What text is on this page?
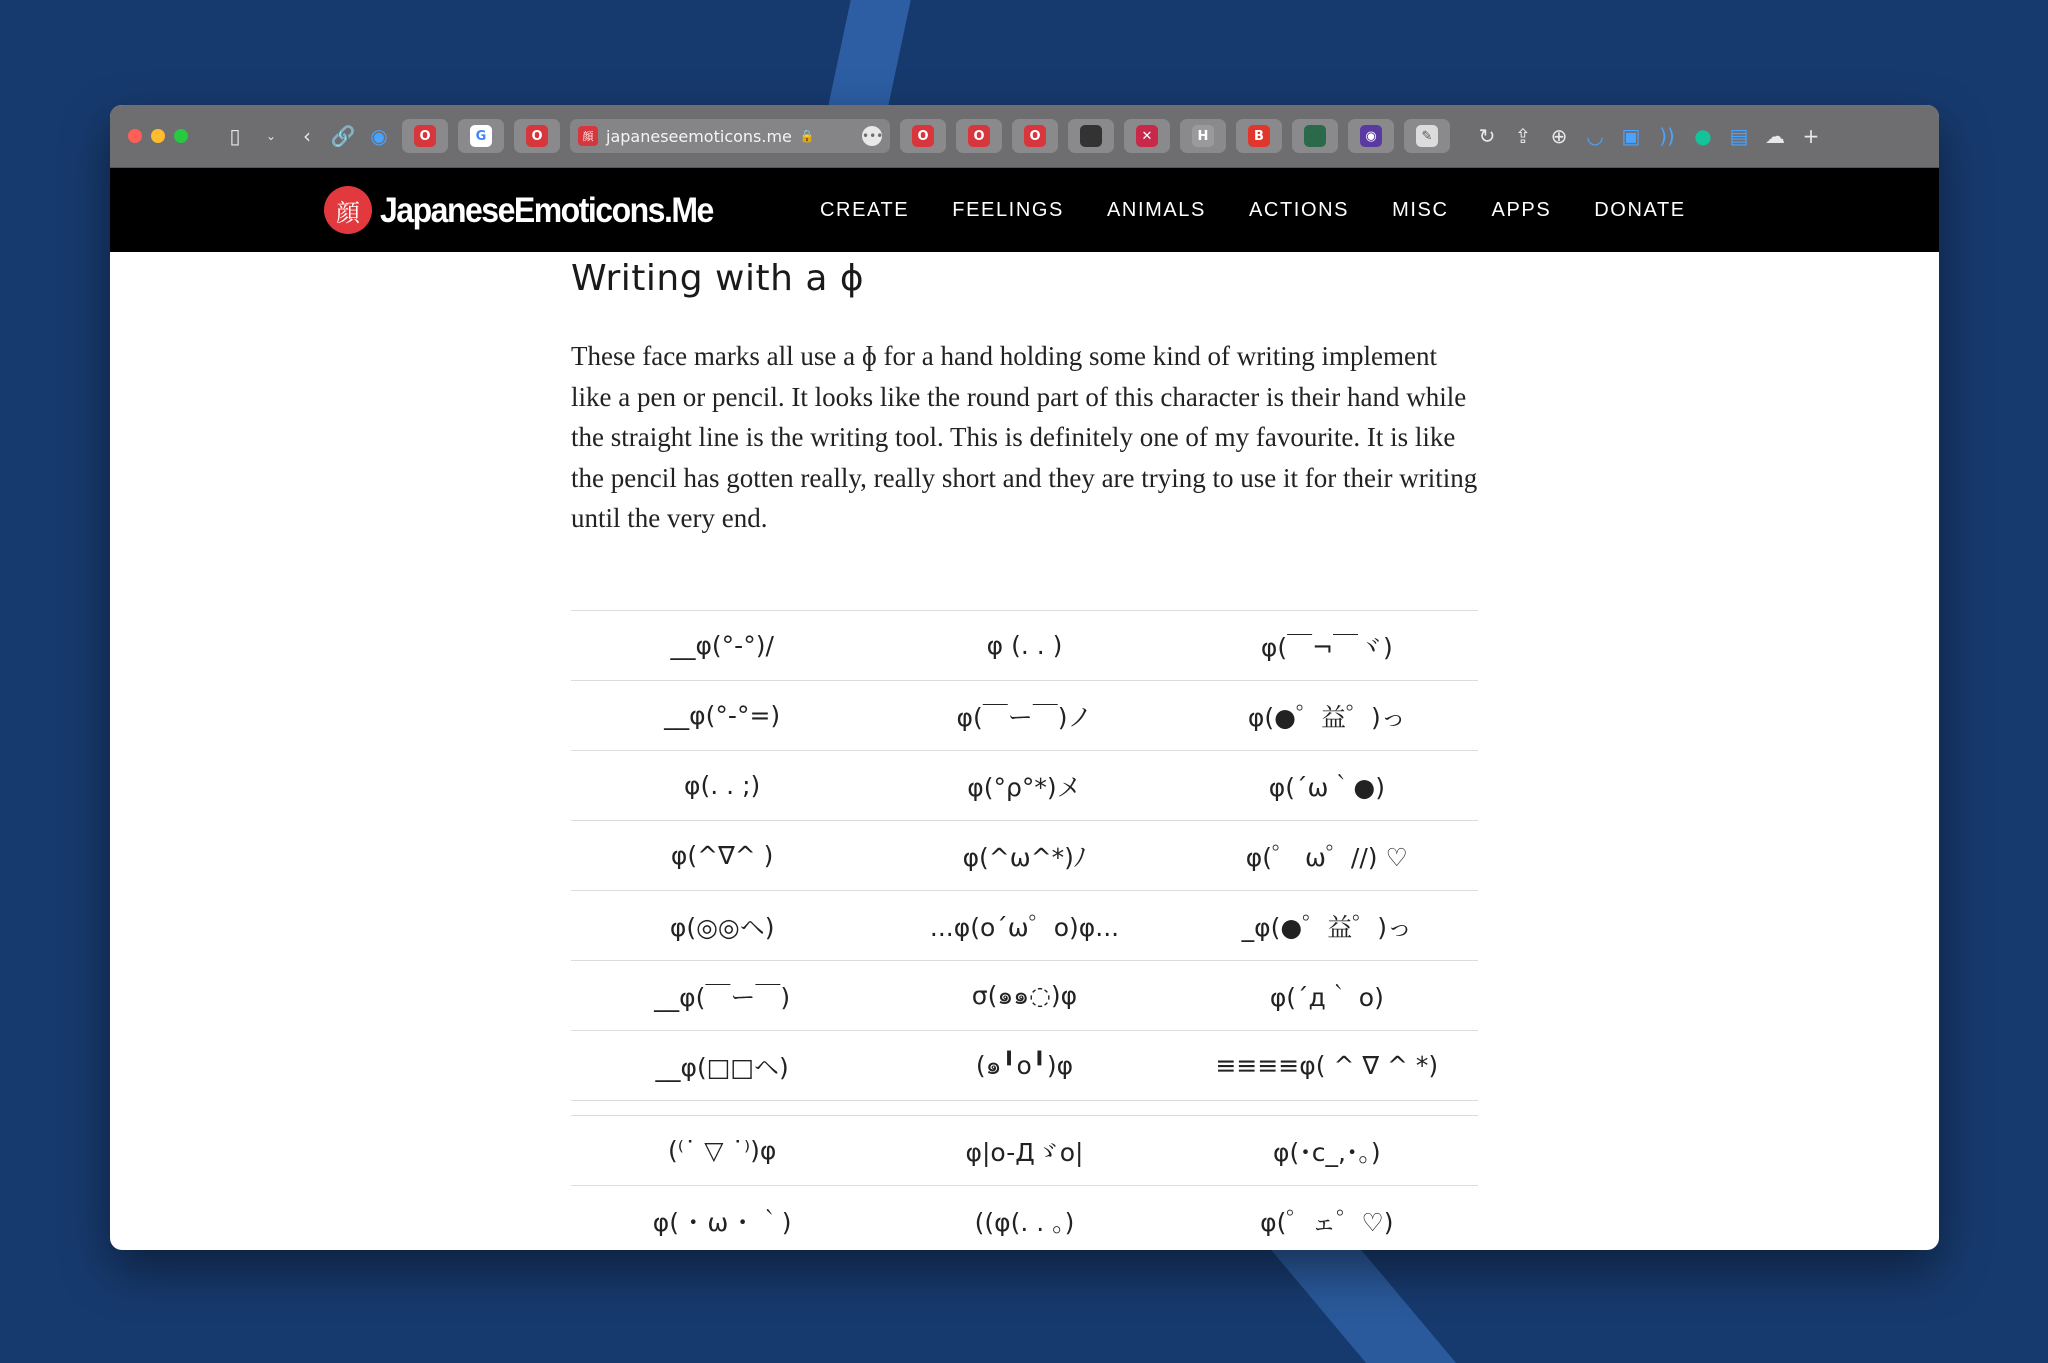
▯	⌄	‹ 🔗 ◉	O	G	O	顔 japaneseemoticons.me 🔒	•••	O	O	O	✕	H	B	◉	✎ ↻ ⇪ ⊕ ◡ ▣ )) ● ▤ ☁ +
顔 JapaneseEmoticons.Me	CREATE FEELINGS ANIMALS ACTIONS MISC APPS DONATE
Writing with a ɸ

These face marks all use a ɸ for a hand holding some kind of writing implement like a pen or pencil. It looks like the round part of this character is their hand while the straight line is the writing tool. This is definitely one of my favourite. It is like the pencil has gotten really, really short and they are trying to use it for their writing until the very end.

__φ(°-°)/	φ (. . )	φ(￣¬￣ヾ)
__φ(°-°=)	φ(￣ー￣)ノ	φ(●゜益゜)っ
φ(. . ;)	φ(°ρ°*)メ	φ(´ω｀●)
φ(^∇^ )	φ(^ω^*)ﾉ	φ(゜ ω゜//) ♡
φ(◎◎ヘ)	...φ(o´ω゜o)φ...	_φ(●゜益゜)っ
__φ(￣ー￣)	σ(๑๑◌)φ	φ(´д｀ o)
__φ(□□ヘ)	(๑╹o╹)φ	≡≡≡≡φ( ^ ∇ ^ *)

(⁽˙ ▽ ˙⁾)φ	φ|o-Дゞo|	φ(･c_,･。)
φ( ･ ω ･ ｀)	((φ(. . 。)	φ(゜ェ゜♡)
